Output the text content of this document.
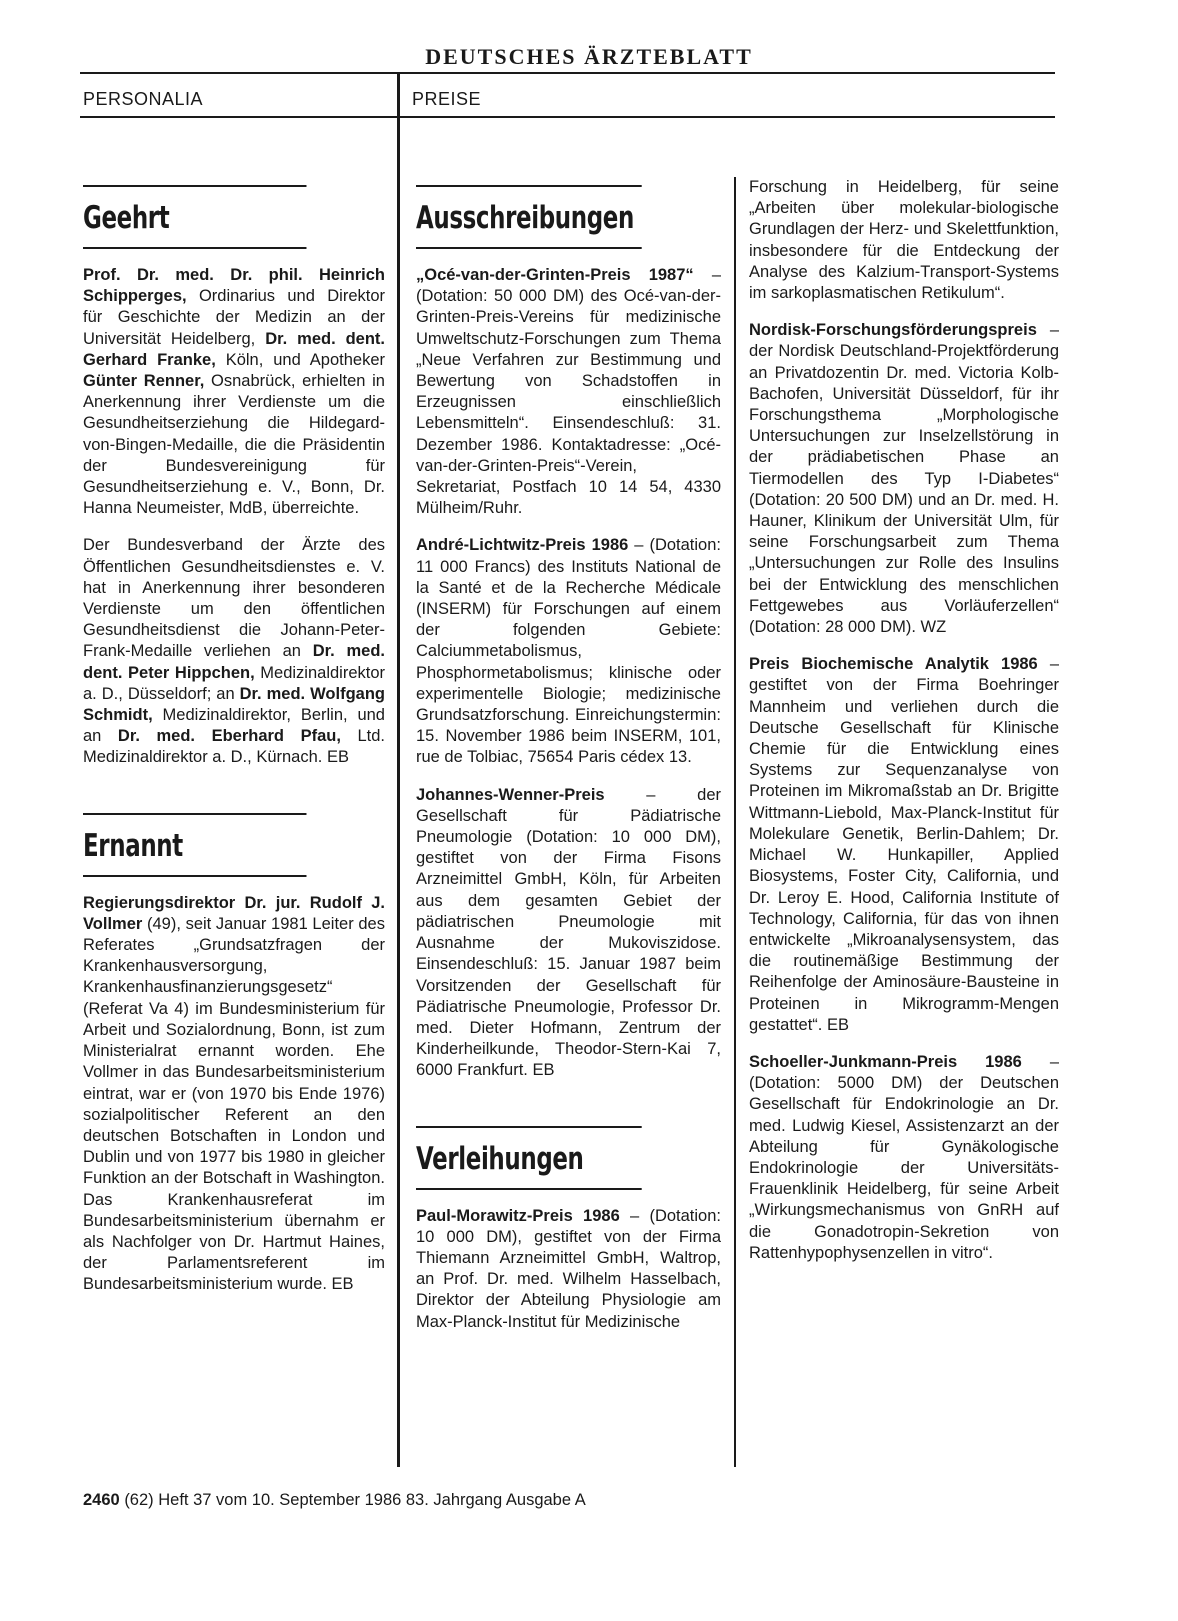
DEUTSCHES ÄRZTEBLATT
PERSONALIA	PREISE
Geehrt

Prof. Dr. med. Dr. phil. Heinrich Schipperges, Ordinarius und Direktor für Geschichte der Medizin an der Universität Heidelberg, Dr. med. dent. Gerhard Franke, Köln, und Apotheker Günter Renner, Osnabrück, erhielten in Anerkennung ihrer Verdienste um die Gesundheitserziehung die Hildegard-von-Bingen-Medaille, die die Präsidentin der Bundesvereinigung für Gesundheitserziehung e. V., Bonn, Dr. Hanna Neumeister, MdB, überreichte.

Der Bundesverband der Ärzte des Öffentlichen Gesundheitsdienstes e. V. hat in Anerkennung ihrer besonderen Verdienste um den öffentlichen Gesundheitsdienst die Johann-Peter-Frank-Medaille verliehen an Dr. med. dent. Peter Hippchen, Medizinaldirektor a. D., Düsseldorf; an Dr. med. Wolfgang Schmidt, Medizinaldirektor, Berlin, und an Dr. med. Eberhard Pfau, Ltd. Medizinaldirektor a. D., Kürnach. EB

Ernannt

Regierungsdirektor Dr. jur. Rudolf J. Vollmer (49), seit Januar 1981 Leiter des Referates „Grundsatzfragen der Krankenhausversorgung, Krankenhausfinanzierungsgesetz“ (Referat Va 4) im Bundesministerium für Arbeit und Sozialordnung, Bonn, ist zum Ministerialrat ernannt worden. Ehe Vollmer in das Bundesarbeitsministerium eintrat, war er (von 1970 bis Ende 1976) sozialpolitischer Referent an den deutschen Botschaften in London und Dublin und von 1977 bis 1980 in gleicher Funktion an der Botschaft in Washington. Das Krankenhausreferat im Bundesarbeitsministerium übernahm er als Nachfolger von Dr. Hartmut Haines, der Parlamentsreferent im Bundesarbeitsministerium wurde. EB

Ausschreibungen

„Océ-van-der-Grinten-Preis 1987“ – (Dotation: 50 000 DM) des Océ-van-der-Grinten-Preis-Vereins für medizinische Umweltschutz-Forschungen zum Thema „Neue Verfahren zur Bestimmung und Bewertung von Schadstoffen in Erzeugnissen einschließlich Lebensmitteln“. Einsendeschluß: 31. Dezember 1986. Kontaktadresse: „Océ-van-der-Grinten-Preis“-Verein, Sekretariat, Postfach 10 14 54, 4330 Mülheim/Ruhr.

André-Lichtwitz-Preis 1986 – (Dotation: 11 000 Francs) des Instituts National de la Santé et de la Recherche Médicale (INSERM) für Forschungen auf einem der folgenden Gebiete: Calciummetabolismus, Phosphormetabolismus; klinische oder experimentelle Biologie; medizinische Grundsatzforschung. Einreichungstermin: 15. November 1986 beim INSERM, 101, rue de Tolbiac, 75654 Paris cédex 13.

Johannes-Wenner-Preis – der Gesellschaft für Pädiatrische Pneumologie (Dotation: 10 000 DM), gestiftet von der Firma Fisons Arzneimittel GmbH, Köln, für Arbeiten aus dem gesamten Gebiet der pädiatrischen Pneumologie mit Ausnahme der Mukoviszidose. Einsendeschluß: 15. Januar 1987 beim Vorsitzenden der Gesellschaft für Pädiatrische Pneumologie, Professor Dr. med. Dieter Hofmann, Zentrum der Kinderheilkunde, Theodor-Stern-Kai 7, 6000 Frankfurt. EB

Verleihungen

Paul-Morawitz-Preis 1986 – (Dotation: 10 000 DM), gestiftet von der Firma Thiemann Arzneimittel GmbH, Waltrop, an Prof. Dr. med. Wilhelm Hasselbach, Direktor der Abteilung Physiologie am Max-Planck-Institut für Medizinische

Forschung in Heidelberg, für seine „Arbeiten über molekular-biologische Grundlagen der Herz- und Skelettfunktion, insbesondere für die Entdeckung der Analyse des Kalzium-Transport-Systems im sarkoplasmatischen Retikulum“.

Nordisk-Forschungsförderungspreis – der Nordisk Deutschland-Projektförderung an Privatdozentin Dr. med. Victoria Kolb-Bachofen, Universität Düsseldorf, für ihr Forschungsthema „Morphologische Untersuchungen zur Inselzellstörung in der prädiabetischen Phase an Tiermodellen des Typ I-Diabetes“ (Dotation: 20 500 DM) und an Dr. med. H. Hauner, Klinikum der Universität Ulm, für seine Forschungsarbeit zum Thema „Untersuchungen zur Rolle des Insulins bei der Entwicklung des menschlichen Fettgewebes aus Vorläuferzellen“ (Dotation: 28 000 DM). WZ

Preis Biochemische Analytik 1986 – gestiftet von der Firma Boehringer Mannheim und verliehen durch die Deutsche Gesellschaft für Klinische Chemie für die Entwicklung eines Systems zur Sequenzanalyse von Proteinen im Mikromaßstab an Dr. Brigitte Wittmann-Liebold, Max-Planck-Institut für Molekulare Genetik, Berlin-Dahlem; Dr. Michael W. Hunkapiller, Applied Biosystems, Foster City, California, und Dr. Leroy E. Hood, California Institute of Technology, California, für das von ihnen entwickelte „Mikroanalysensystem, das die routinemäßige Bestimmung der Reihenfolge der Aminosäure-Bausteine in Proteinen in Mikrogramm-Mengen gestattet“. EB

Schoeller-Junkmann-Preis 1986 – (Dotation: 5000 DM) der Deutschen Gesellschaft für Endokrinologie an Dr. med. Ludwig Kiesel, Assistenzarzt an der Abteilung für Gynäkologische Endokrinologie der Universitäts-Frauenklinik Heidelberg, für seine Arbeit „Wirkungsmechanismus von GnRH auf die Gonadotropin-Sekretion von Rattenhypophysenzellen in vitro“.

2460 (62) Heft 37 vom 10. September 1986 83. Jahrgang Ausgabe A
